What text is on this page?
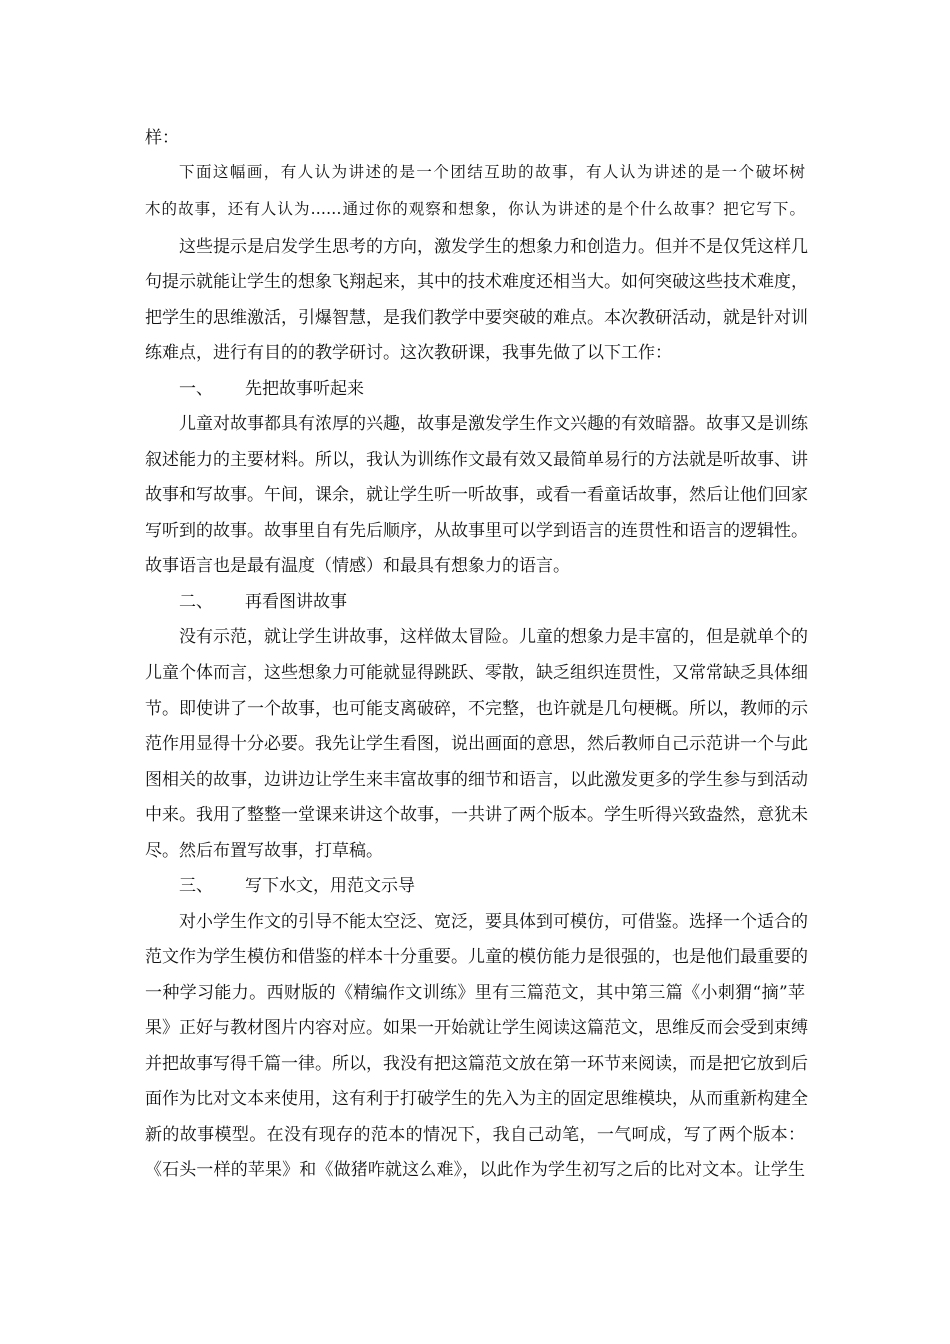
样：
下面这幅画，有人认为讲述的是一个团结互助的故事，有人认为讲述的是一个破坏树
木的故事，还有人认为……通过你的观察和想象，你认为讲述的是个什么故事？把它写下。
这些提示是启发学生思考的方向，激发学生的想象力和创造力。但并不是仅凭这样几
句提示就能让学生的想象飞翔起来，其中的技术难度还相当大。如何突破这些技术难度，
把学生的思维激活，引爆智慧，是我们教学中要突破的难点。本次教研活动，就是针对训
练难点，进行有目的的教学研讨。这次教研课，我事先做了以下工作：
一、 先把故事听起来
儿童对故事都具有浓厚的兴趣，故事是激发学生作文兴趣的有效暗器。故事又是训练
叙述能力的主要材料。所以，我认为训练作文最有效又最简单易行的方法就是听故事、讲
故事和写故事。午间，课余，就让学生听一听故事，或看一看童话故事，然后让他们回家
写听到的故事。故事里自有先后顺序，从故事里可以学到语言的连贯性和语言的逻辑性。
故事语言也是最有温度（情感）和最具有想象力的语言。
二、 再看图讲故事
没有示范，就让学生讲故事，这样做太冒险。儿童的想象力是丰富的，但是就单个的
儿童个体而言，这些想象力可能就显得跳跃、零散，缺乏组织连贯性，又常常缺乏具体细
节。即使讲了一个故事，也可能支离破碎，不完整，也许就是几句梗概。所以，教师的示
范作用显得十分必要。我先让学生看图，说出画面的意思，然后教师自己示范讲一个与此
图相关的故事，边讲边让学生来丰富故事的细节和语言，以此激发更多的学生参与到活动
中来。我用了整整一堂课来讲这个故事，一共讲了两个版本。学生听得兴致盎然，意犹未
尽。然后布置写故事，打草稿。
三、 写下水文，用范文示导
对小学生作文的引导不能太空泛、宽泛，要具体到可模仿，可借鉴。选择一个适合的
范文作为学生模仿和借鉴的样本十分重要。儿童的模仿能力是很强的，也是他们最重要的
一种学习能力。西财版的《精编作文训练》里有三篇范文，其中第三篇《小刺猬“摘”苹
果》正好与教材图片内容对应。如果一开始就让学生阅读这篇范文，思维反而会受到束缚
并把故事写得千篇一律。所以，我没有把这篇范文放在第一环节来阅读，而是把它放到后
面作为比对文本来使用，这有利于打破学生的先入为主的固定思维模块，从而重新构建全
新的故事模型。在没有现存的范本的情况下，我自己动笔，一气呵成，写了两个版本：
《石头一样的苹果》和《做猪咋就这么难》，以此作为学生初写之后的比对文本。让学生
